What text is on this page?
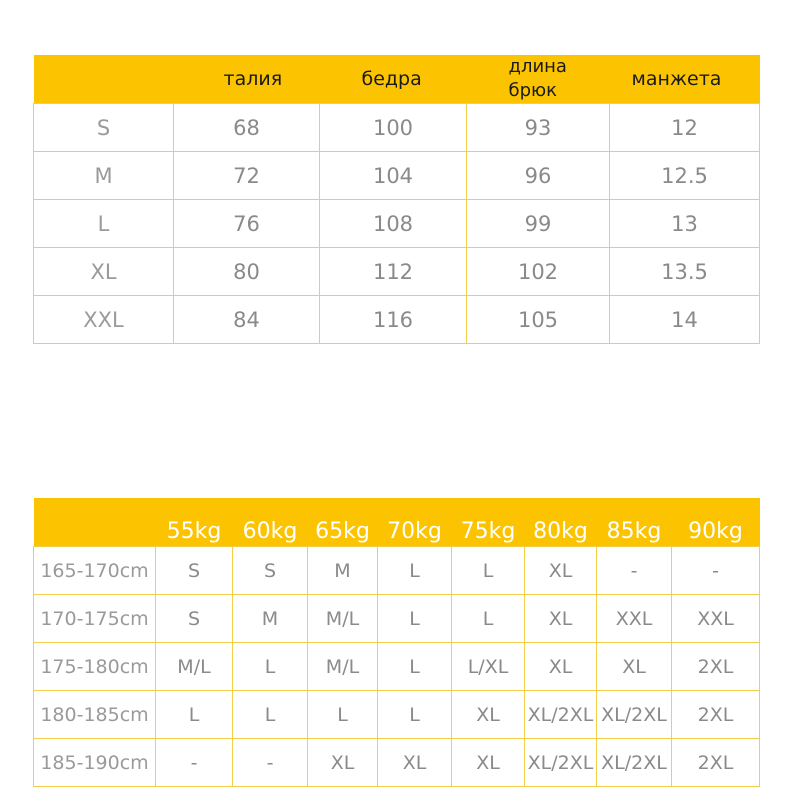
	талия	бедра	длина брюк	манжета
S	68	100	93	12
M	72	104	96	12.5
L	76	108	99	13
XL	80	112	102	13.5
XXL	84	116	105	14
	55kg	60kg	65kg	70kg	75kg	80kg	85kg	90kg
165-170cm	S	S	M	L	L	XL	-	-
170-175cm	S	M	M/L	L	L	XL	XXL	XXL
175-180cm	M/L	L	M/L	L	L/XL	XL	XL	2XL
180-185cm	L	L	L	L	XL	XL/2XL	XL/2XL	2XL
185-190cm	-	-	XL	XL	XL	XL/2XL	XL/2XL	2XL
